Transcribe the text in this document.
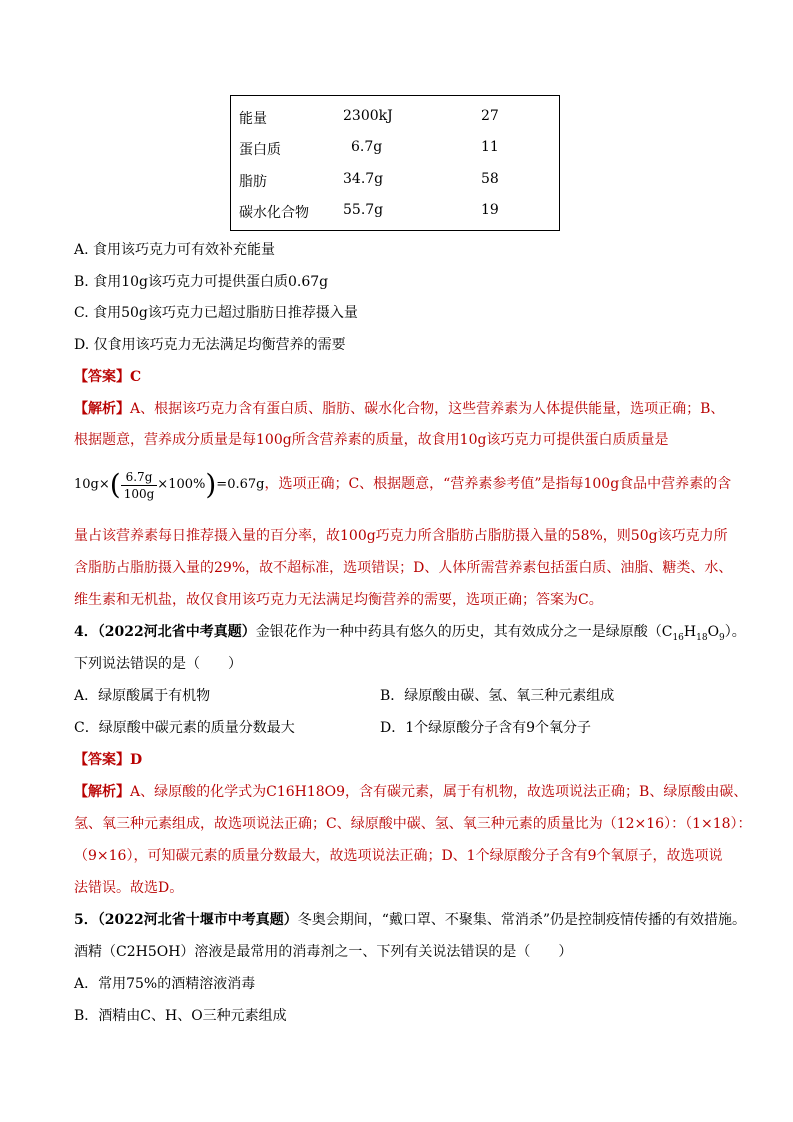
能量	2300kJ	27
蛋白质	6.7g	11
脂肪	34.7g	58
碳水化合物 55.7g	19
A. 食用该巧克力可有效补充能量
B. 食用10g该巧克力可提供蛋白质0.67g
C. 食用50g该巧克力已超过脂肪日推荐摄入量
D. 仅食用该巧克力无法满足均衡营养的需要
【答案】C
【解析】A、根据该巧克力含有蛋白质、脂肪、碳水化合物，这些营养素为人体提供能量，选项正确；B、
根据题意，营养成分质量是每100g所含营养素的质量，故食用10g该巧克力可提供蛋白质质量是
10g× ( $\frac{6.7g}{100g} \times 100\%$ ) =0.67g ，选项正确；C、根据题意，“营养素参考值”是指每100g食品中营养素的含
量占该营养素每日推荐摄入量的百分率，故100g巧克力所含脂肪占脂肪摄入量的58%，则50g该巧克力所
含脂肪占脂肪摄入量的29%，故不超标准，选项错误；D、人体所需营养素包括蛋白质、油脂、糖类、水、
维生素和无机盐，故仅食用该巧克力无法满足均衡营养的需要，选项正确；答案为C。
4．（2022河北省中考真题）金银花作为一种中药具有悠久的历史，其有效成分之一是绿原酸$(C_{16}H_{18}O_9)$。
下列说法错误的是（　　）
A．绿原酸属于有机物	B．绿原酸由碳、氢、氧三种元素组成
C．绿原酸中碳元素的质量分数最大	D．1个绿原酸分子含有9个氧分子
【答案】D
【解析】A、绿原酸的化学式为C16H18O9，含有碳元素，属于有机物，故选项说法正确；B、绿原酸由碳、
氢、氧三种元素组成，故选项说法正确；C、绿原酸中碳、氢、氧三种元素的质量比为（12×16）：（1×18）：
（9×16），可知碳元素的质量分数最大，故选项说法正确；D、1个绿原酸分子含有9个氧原子，故选项说
法错误。故选D。
5．（2022河北省十堰市中考真题）冬奥会期间，“戴口罩、不聚集、常消杀”仍是控制疫情传播的有效措施。
酒精（C2H5OH）溶液是最常用的消毒剂之一、下列有关说法错误的是（　　）
A．常用75%的酒精溶液消毒
B．酒精由C、H、O三种元素组成
